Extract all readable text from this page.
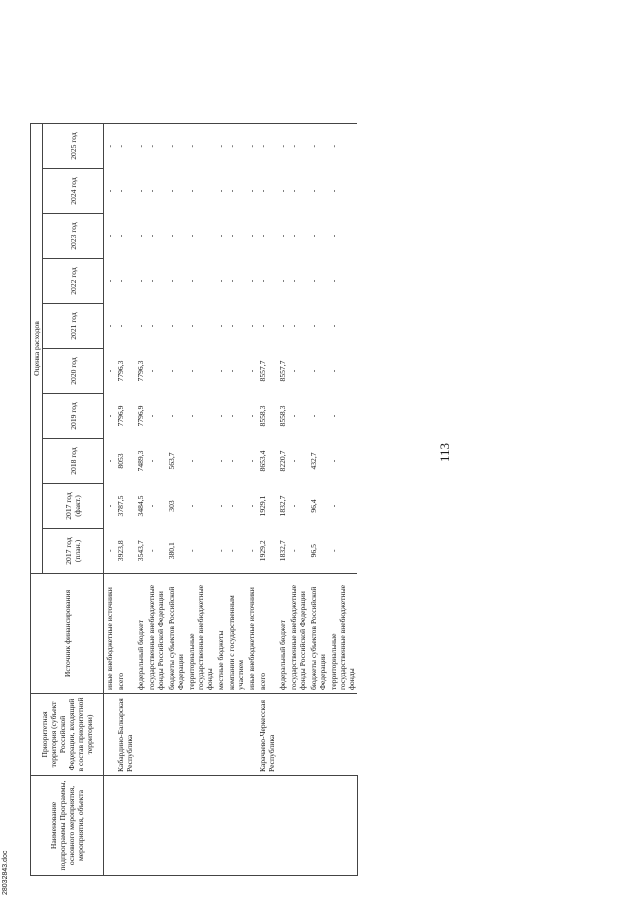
113
Наименование подпрограммы Программы, основного мероприятия, мероприятия, объекта	Приоритетная территория (субъект Российской Федерации, входящий в состав приоритетной территории)	Источник финансирования	Оценка расходов									
			2017 год (план.)	2017 год (факт.)	2018 год	2019 год	2020 год	2021 год	2022 год	2023 год	2024 год	2025 год
		иные внебюджетные источники	-	-	-	-	-	-	-	-	-	-
	Кабардино-Балкарская Республика	всего	3923,8	3787,5	8053	7796,9	7796,3	-	-	-	-	-
		федеральный бюджет	3543,7	3484,5	7489,3	7796,9	7796,3	-	-	-	-	-
		государственные внебюджетные фонды Российской Федерации	-	-	-	-	-	-	-	-	-	-
		бюджеты субъектов Российской Федерации	380,1	303	563,7	-	-	-	-	-	-	-
		территориальные государственные внебюджетные фонды	-	-	-	-	-	-	-	-	-	-
		местные бюджеты	-	-	-	-	-	-	-	-	-	-
		компании с государственным участием	-	-	-	-	-	-	-	-	-	-
		иные внебюджетные источники	-	-	-	-	-	-	-	-	-	-
	Карачаево-Черкесская Республика	всего	1929,2	1929,1	8653,4	8558,3	8557,7	-	-	-	-	-
		федеральный бюджет	1832,7	1832,7	8220,7	8558,3	8557,7	-	-	-	-	-
		государственные внебюджетные фонды Российской Федерации	-	-	-	-	-	-	-	-	-	-
		бюджеты субъектов Российской Федерации	96,5	96,4	432,7	-	-	-	-	-	-	-
		территориальные государственные внебюджетные фонды	-	-	-	-	-	-	-	-	-	-
28032843.doc
